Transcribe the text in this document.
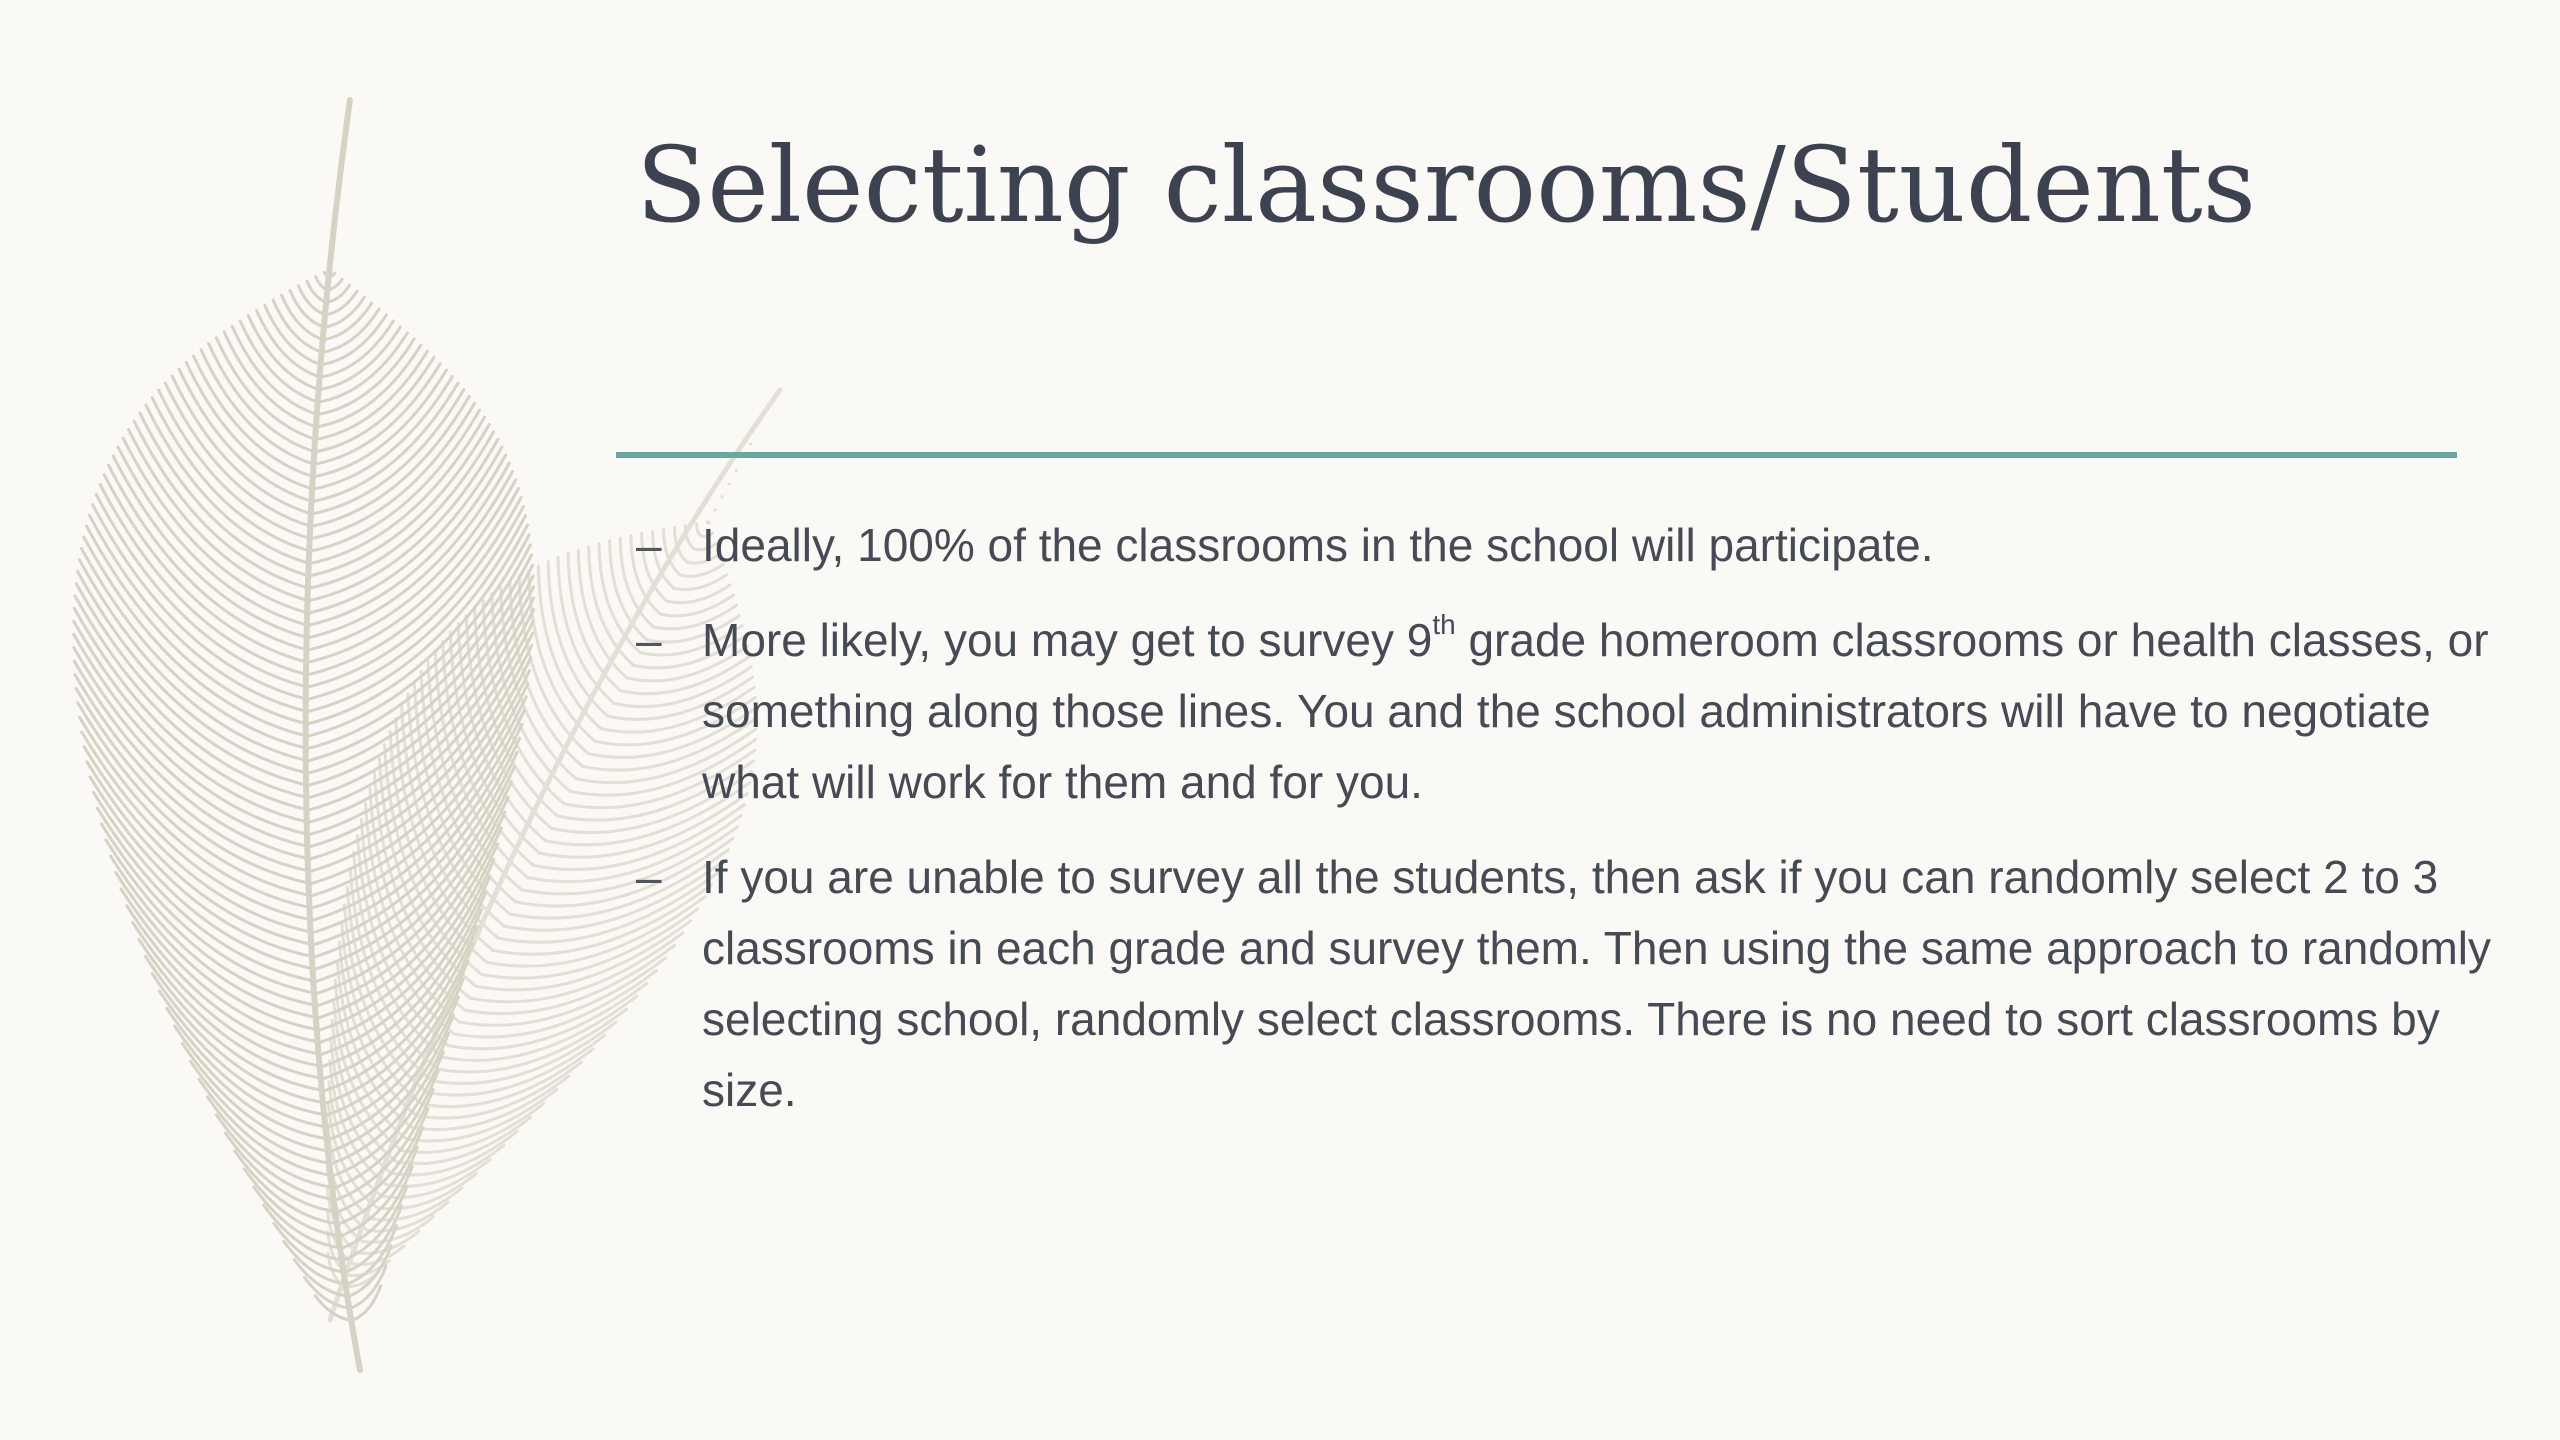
Selecting classrooms/Students
– Ideally, 100% of the classrooms in the school will participate.
– More likely, you may get to survey 9th grade homeroom classrooms or health classes, or something along those lines. You and the school administrators will have to negotiate what will work for them and for you.
– If you are unable to survey all the students, then ask if you can randomly select 2 to 3 classrooms in each grade and survey them. Then using the same approach to randomly selecting school, randomly select classrooms. There is no need to sort classrooms by size.
